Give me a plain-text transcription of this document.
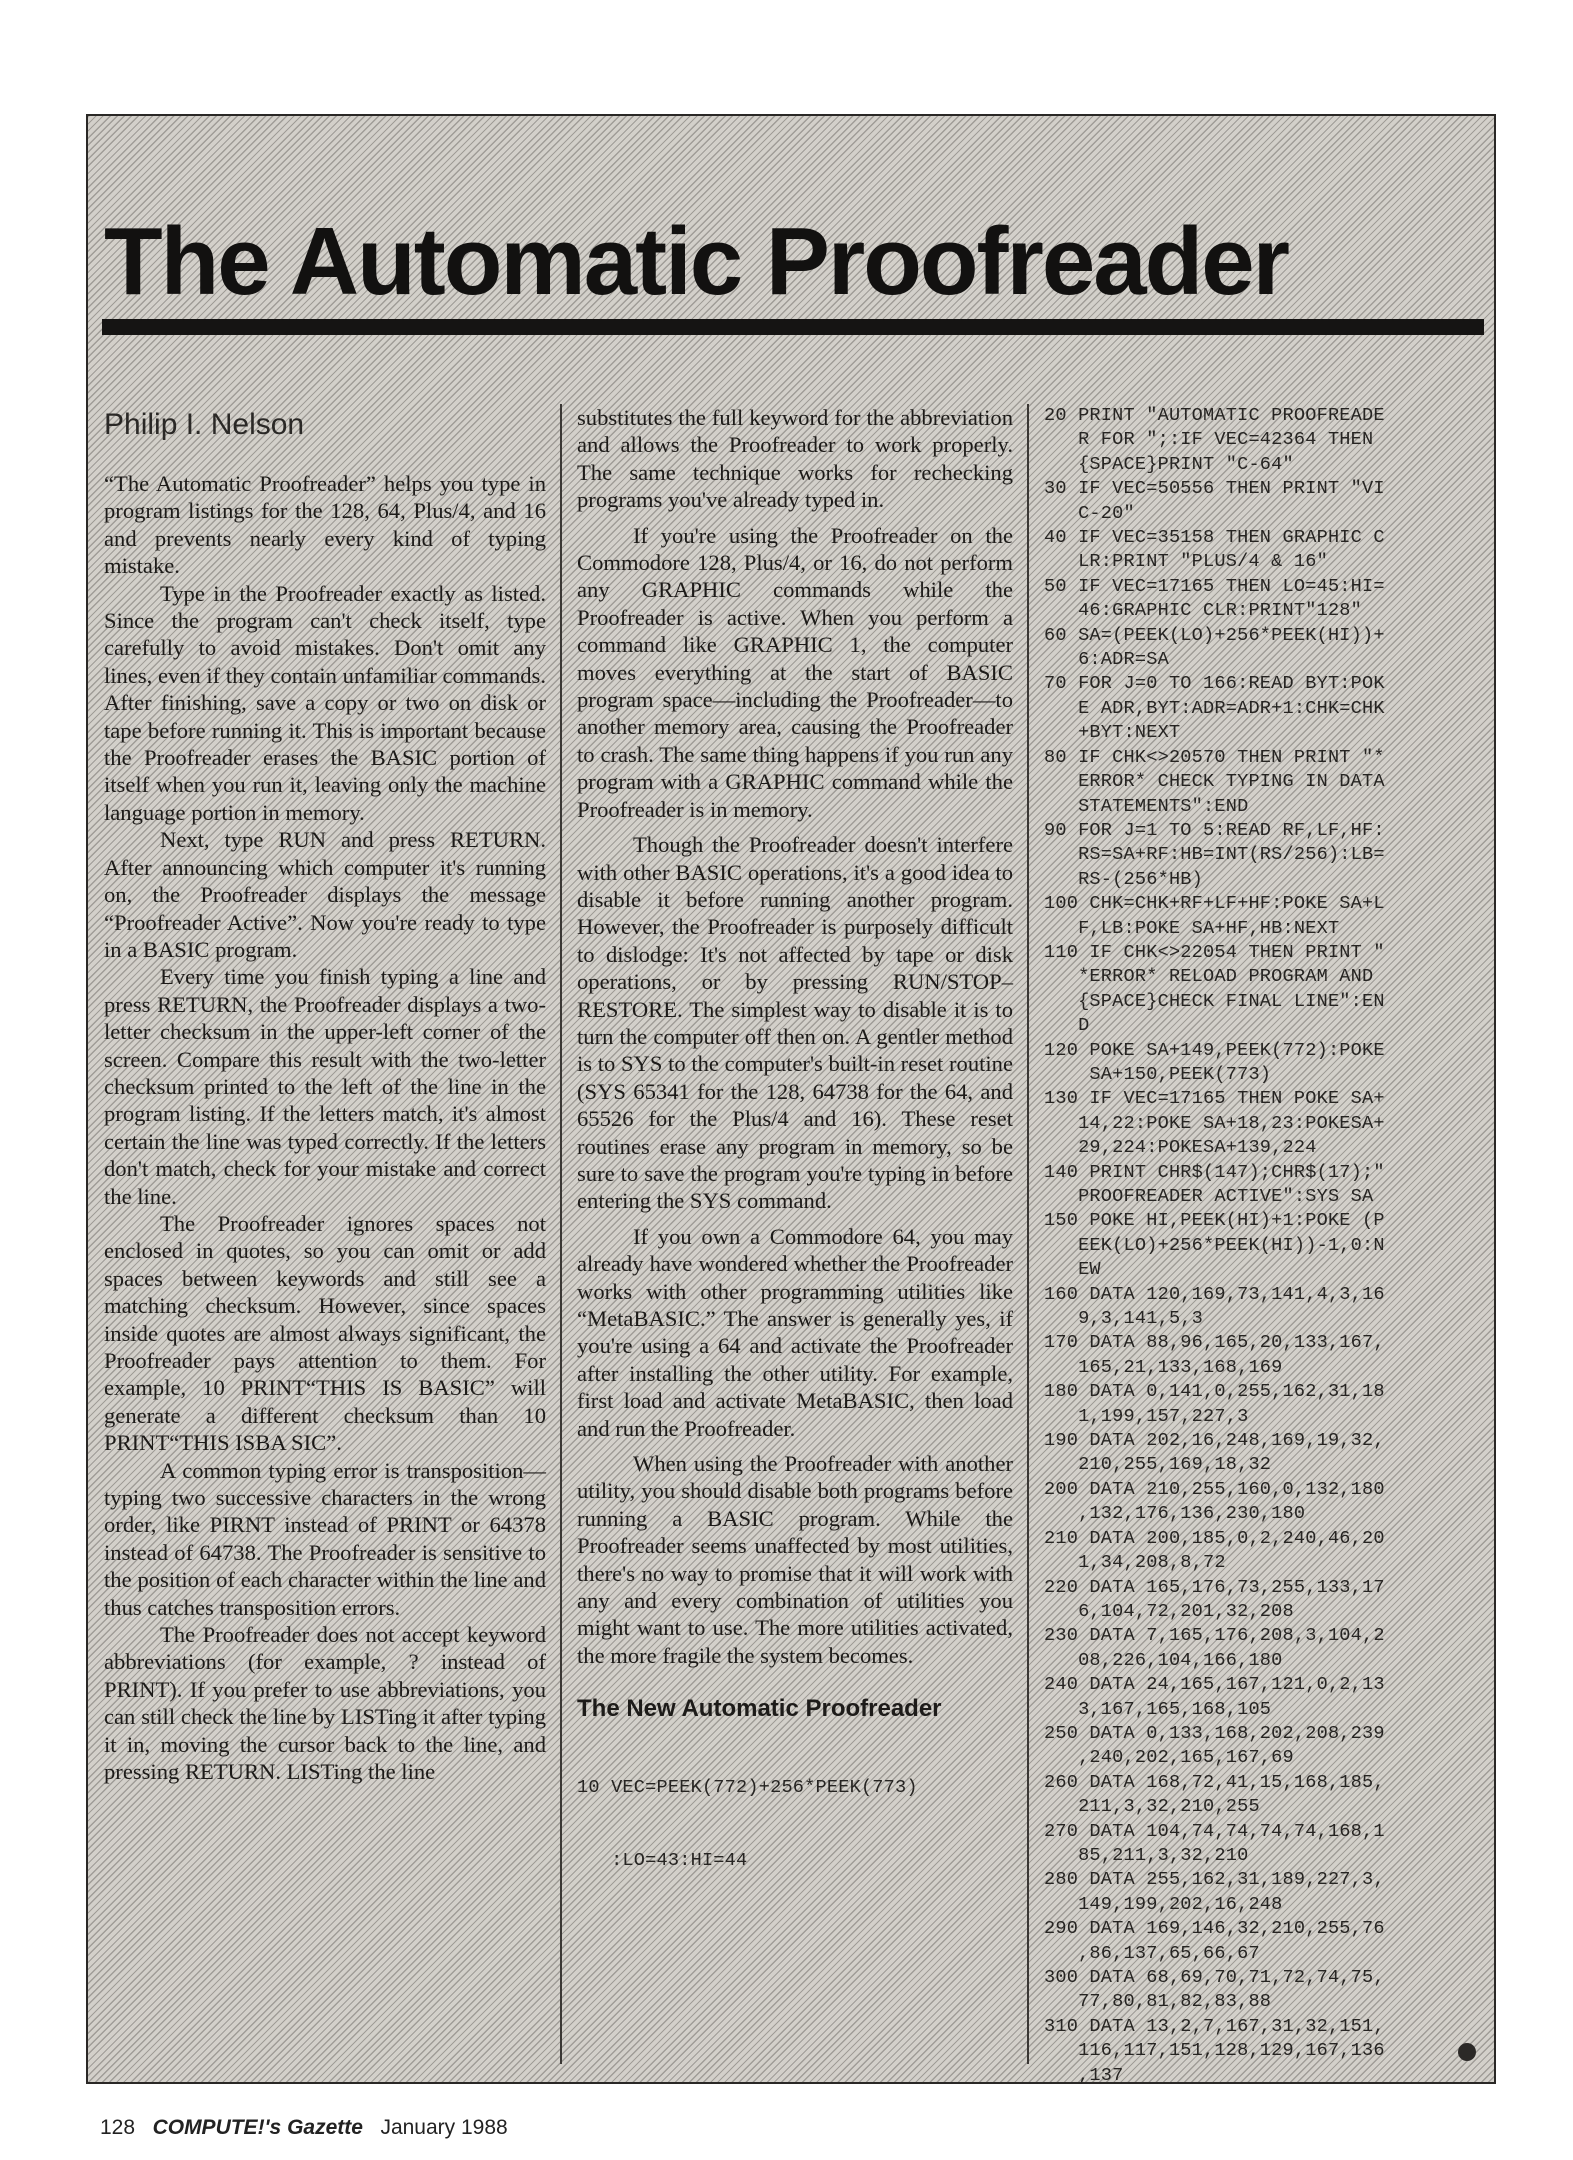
The Automatic Proofreader
Philip I. Nelson

“The Automatic Proofreader” helps you type in program listings for the 128, 64, Plus/4, and 16 and prevents nearly every kind of typing mistake.

Type in the Proofreader exactly as listed. Since the program can't check itself, type carefully to avoid mistakes. Don't omit any lines, even if they contain unfamiliar commands. After finishing, save a copy or two on disk or tape before running it. This is important because the Proofreader erases the BASIC portion of itself when you run it, leaving only the machine language portion in memory.

Next, type RUN and press RETURN. After announcing which computer it's running on, the Proofreader displays the message “Proofreader Active”. Now you're ready to type in a BASIC program.

Every time you finish typing a line and press RETURN, the Proofreader displays a two-letter checksum in the upper-left corner of the screen. Compare this result with the two-letter checksum printed to the left of the line in the program listing. If the letters match, it's almost certain the line was typed correctly. If the letters don't match, check for your mistake and correct the line.

The Proofreader ignores spaces not enclosed in quotes, so you can omit or add spaces between keywords and still see a matching checksum. However, since spaces inside quotes are almost always significant, the Proofreader pays attention to them. For example, 10 PRINT“THIS IS BASIC” will generate a different checksum than 10 PRINT“THIS ISBA SIC”.

A common typing error is transposition—typing two successive characters in the wrong order, like PIRNT instead of PRINT or 64378 instead of 64738. The Proofreader is sensitive to the position of each character within the line and thus catches transposition errors.

The Proofreader does not accept keyword abbreviations (for example, ? instead of PRINT). If you prefer to use abbreviations, you can still check the line by LISTing it after typing it in, moving the cursor back to the line, and pressing RETURN. LISTing the line

substitutes the full keyword for the abbreviation and allows the Proofreader to work properly. The same technique works for rechecking programs you've already typed in.

If you're using the Proofreader on the Commodore 128, Plus/4, or 16, do not perform any GRAPHIC commands while the Proofreader is active. When you perform a command like GRAPHIC 1, the computer moves everything at the start of BASIC program space—including the Proofreader—to another memory area, causing the Proofreader to crash. The same thing happens if you run any program with a GRAPHIC command while the Proofreader is in memory.

Though the Proofreader doesn't interfere with other BASIC operations, it's a good idea to disable it before running another program. However, the Proofreader is purposely difficult to dislodge: It's not affected by tape or disk operations, or by pressing RUN/STOP–RESTORE. The simplest way to disable it is to turn the computer off then on. A gentler method is to SYS to the computer's built-in reset routine (SYS 65341 for the 128, 64738 for the 64, and 65526 for the Plus/4 and 16). These reset routines erase any program in memory, so be sure to save the program you're typing in before entering the SYS command.

If you own a Commodore 64, you may already have wondered whether the Proofreader works with other programming utilities like “MetaBASIC.” The answer is generally yes, if you're using a 64 and activate the Proofreader after installing the other utility. For example, first load and activate MetaBASIC, then load and run the Proofreader.

When using the Proofreader with another utility, you should disable both programs before running a BASIC program. While the Proofreader seems unaffected by most utilities, there's no way to promise that it will work with any and every combination of utilities you might want to use. The more utilities activated, the more fragile the system becomes.

The New Automatic Proofreader

10 VEC=PEEK(772)+256*PEEK(773)

:LO=43:HI=44

20 PRINT "AUTOMATIC PROOFREADE
R FOR ";:IF VEC=42364 THEN
{SPACE}PRINT "C-64"
30 IF VEC=50556 THEN PRINT "VI
C-20"
40 IF VEC=35158 THEN GRAPHIC C
LR:PRINT "PLUS/4 & 16"
50 IF VEC=17165 THEN LO=45:HI=
46:GRAPHIC CLR:PRINT"128"
60 SA=(PEEK(LO)+256*PEEK(HI))+
6:ADR=SA
70 FOR J=0 TO 166:READ BYT:POK
E ADR,BYT:ADR=ADR+1:CHK=CHK
+BYT:NEXT
80 IF CHK<>20570 THEN PRINT "*
ERROR* CHECK TYPING IN DATA
STATEMENTS":END
90 FOR J=1 TO 5:READ RF,LF,HF:
RS=SA+RF:HB=INT(RS/256):LB=
RS-(256*HB)
100 CHK=CHK+RF+LF+HF:POKE SA+L
F,LB:POKE SA+HF,HB:NEXT
110 IF CHK<>22054 THEN PRINT "
*ERROR* RELOAD PROGRAM AND
{SPACE}CHECK FINAL LINE":EN
D
120 POKE SA+149,PEEK(772):POKE
SA+150,PEEK(773)
130 IF VEC=17165 THEN POKE SA+
14,22:POKE SA+18,23:POKESA+
29,224:POKESA+139,224
140 PRINT CHR$(147);CHR$(17);"
PROOFREADER ACTIVE":SYS SA
150 POKE HI,PEEK(HI)+1:POKE (P
EEK(LO)+256*PEEK(HI))-1,0:N
EW
160 DATA 120,169,73,141,4,3,16
9,3,141,5,3
170 DATA 88,96,165,20,133,167,
165,21,133,168,169
180 DATA 0,141,0,255,162,31,18
1,199,157,227,3
190 DATA 202,16,248,169,19,32,
210,255,169,18,32
200 DATA 210,255,160,0,132,180
,132,176,136,230,180
210 DATA 200,185,0,2,240,46,20
1,34,208,8,72
220 DATA 165,176,73,255,133,17
6,104,72,201,32,208
230 DATA 7,165,176,208,3,104,2
08,226,104,166,180
240 DATA 24,165,167,121,0,2,13
3,167,165,168,105
250 DATA 0,133,168,202,208,239
,240,202,165,167,69
260 DATA 168,72,41,15,168,185,
211,3,32,210,255
270 DATA 104,74,74,74,74,168,1
85,211,3,32,210
280 DATA 255,162,31,189,227,3,
149,199,202,16,248
290 DATA 169,146,32,210,255,76
,86,137,65,66,67
300 DATA 68,69,70,71,72,74,75,
77,80,81,82,83,88
310 DATA 13,2,7,167,31,32,151,
116,117,151,128,129,167,136
,137

128 COMPUTE!'s Gazette January 1988
